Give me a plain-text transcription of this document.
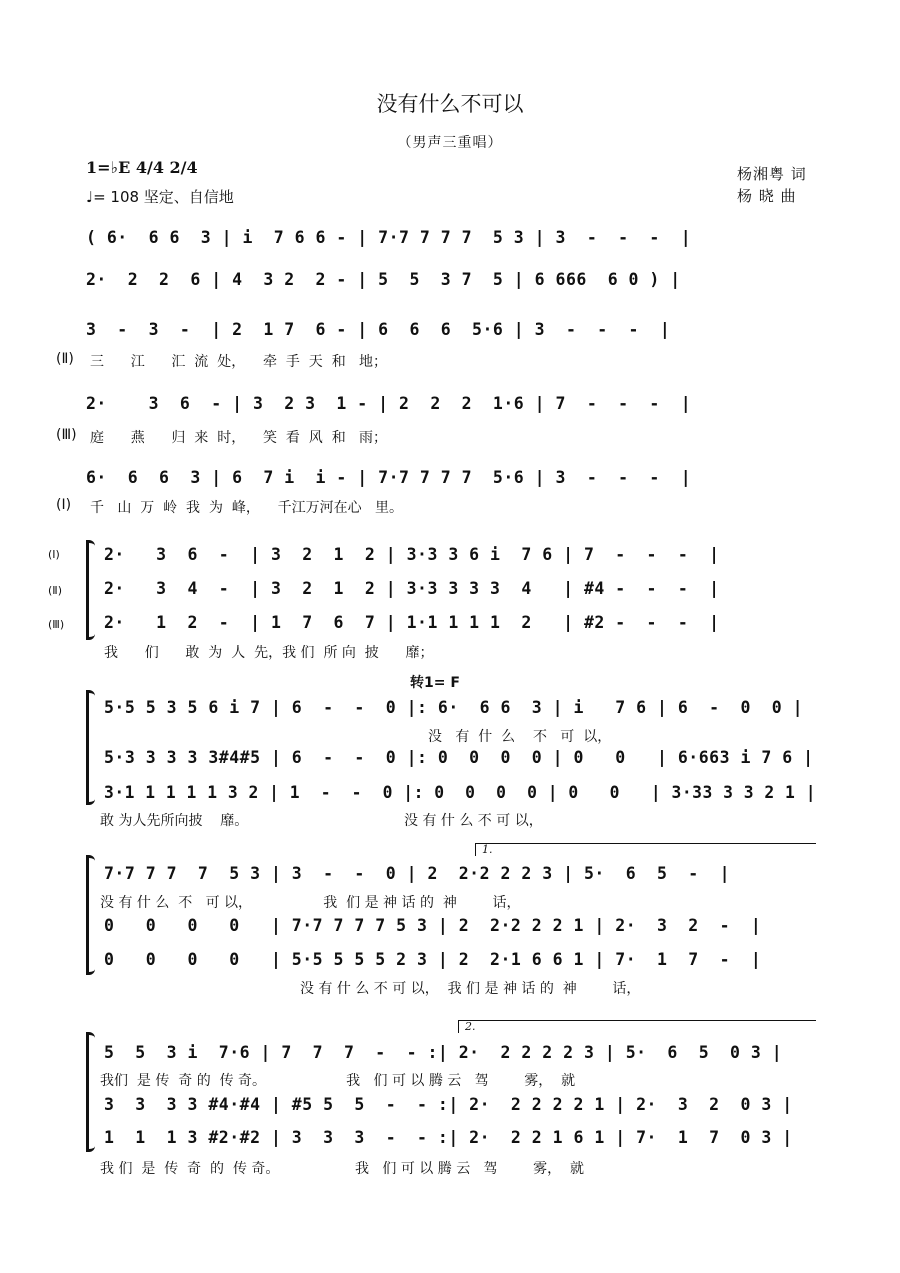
没有什么不可以
（男声三重唱）
1=♭E 4/4 2/4
♩= 108 坚定、自信地
杨湘粤 词
杨 晓 曲
( 6·  6 6  3 | i  7 6 6 - | 7·7 7 7 7  5 3 | 3  -  -  -  |
2·  2  2  6 | 4  3 2  2 - | 5  5  3 7  5 | 6 666  6 0 ) |
3  -  3  -  | 2  1 7  6 - | 6  6  6  5·6 | 3  -  -  -  |
(Ⅱ) 三      江      汇  流  处，    牵  手  天  和   地；
2·    3  6  - | 3  2 3  1 - | 2  2  2  1·6 | 7  -  -  -  |
(Ⅲ) 庭      燕      归  来  时，    笑  看  风  和   雨；
6·  6  6  3 | 6  7 i  i - | 7·7 7 7 7  5·6 | 3  -  -  -  |
(Ⅰ) 千   山  万  岭  我  为  峰，    千江万河在心   里。
(Ⅰ)
(Ⅱ)
(Ⅲ)
2·   3  6  -  | 3  2  1  2 | 3·3 3 6 i  7 6 | 7  -  -  -  |
2·   3  4  -  | 3  2  1  2 | 3·3 3 3 3  4   | #4 -  -  -  |
2·   1  2  -  | 1  7  6  7 | 1·1 1 1 1  2   | #2 -  -  -  |
我      们      敢  为  人  先，我 们  所 向  披      靡；
转1= F
5·5 5 3 5 6 i 7 | 6  -  -  0 |: 6·  6 6  3 | i   7 6 | 6  -  0  0 |
没   有  什  么    不   可  以，
5·3 3 3 3 3#4#5 | 6  -  -  0 |: 0  0  0  0 | 0   0   | 6·663 i 7 6 |
3·1 1 1 1 1 3 2 | 1  -  -  0 |: 0  0  0  0 | 0   0   | 3·33 3 3 2 1 |
敢 为人先所向披    靡。                                   没 有 什 么 不 可 以，
1.
7·7 7 7  7  5 3 | 3  -  -  0 | 2  2·2 2 2 3 | 5·  6  5  -  |
没 有 什 么  不   可 以，                我  们 是 神 话 的  神        话，
0   0   0   0   | 7·7 7 7 7 5 3 | 2  2·2 2 2 1 | 2·  3  2  -  |
0   0   0   0   | 5·5 5 5 5 2 3 | 2  2·1 6 6 1 | 7·  1  7  -  |
没 有 什 么 不 可 以，  我 们 是 神 话 的  神        话，
2.
5  5  3 i  7·6 | 7  7  7  -  - :| 2·  2 2 2 2 3 | 5·  6  5  0 3 |
我们  是 传  奇 的  传 奇。                  我   们 可 以 腾 云   驾        雾，  就
3  3  3 3 #4·#4 | #5 5  5  -  - :| 2·  2 2 2 2 1 | 2·  3  2  0 3 |
1  1  1 3 #2·#2 | 3  3  3  -  - :| 2·  2 2 1 6 1 | 7·  1  7  0 3 |
我 们  是  传  奇  的  传 奇。                 我   们 可 以 腾 云   驾        雾，  就
